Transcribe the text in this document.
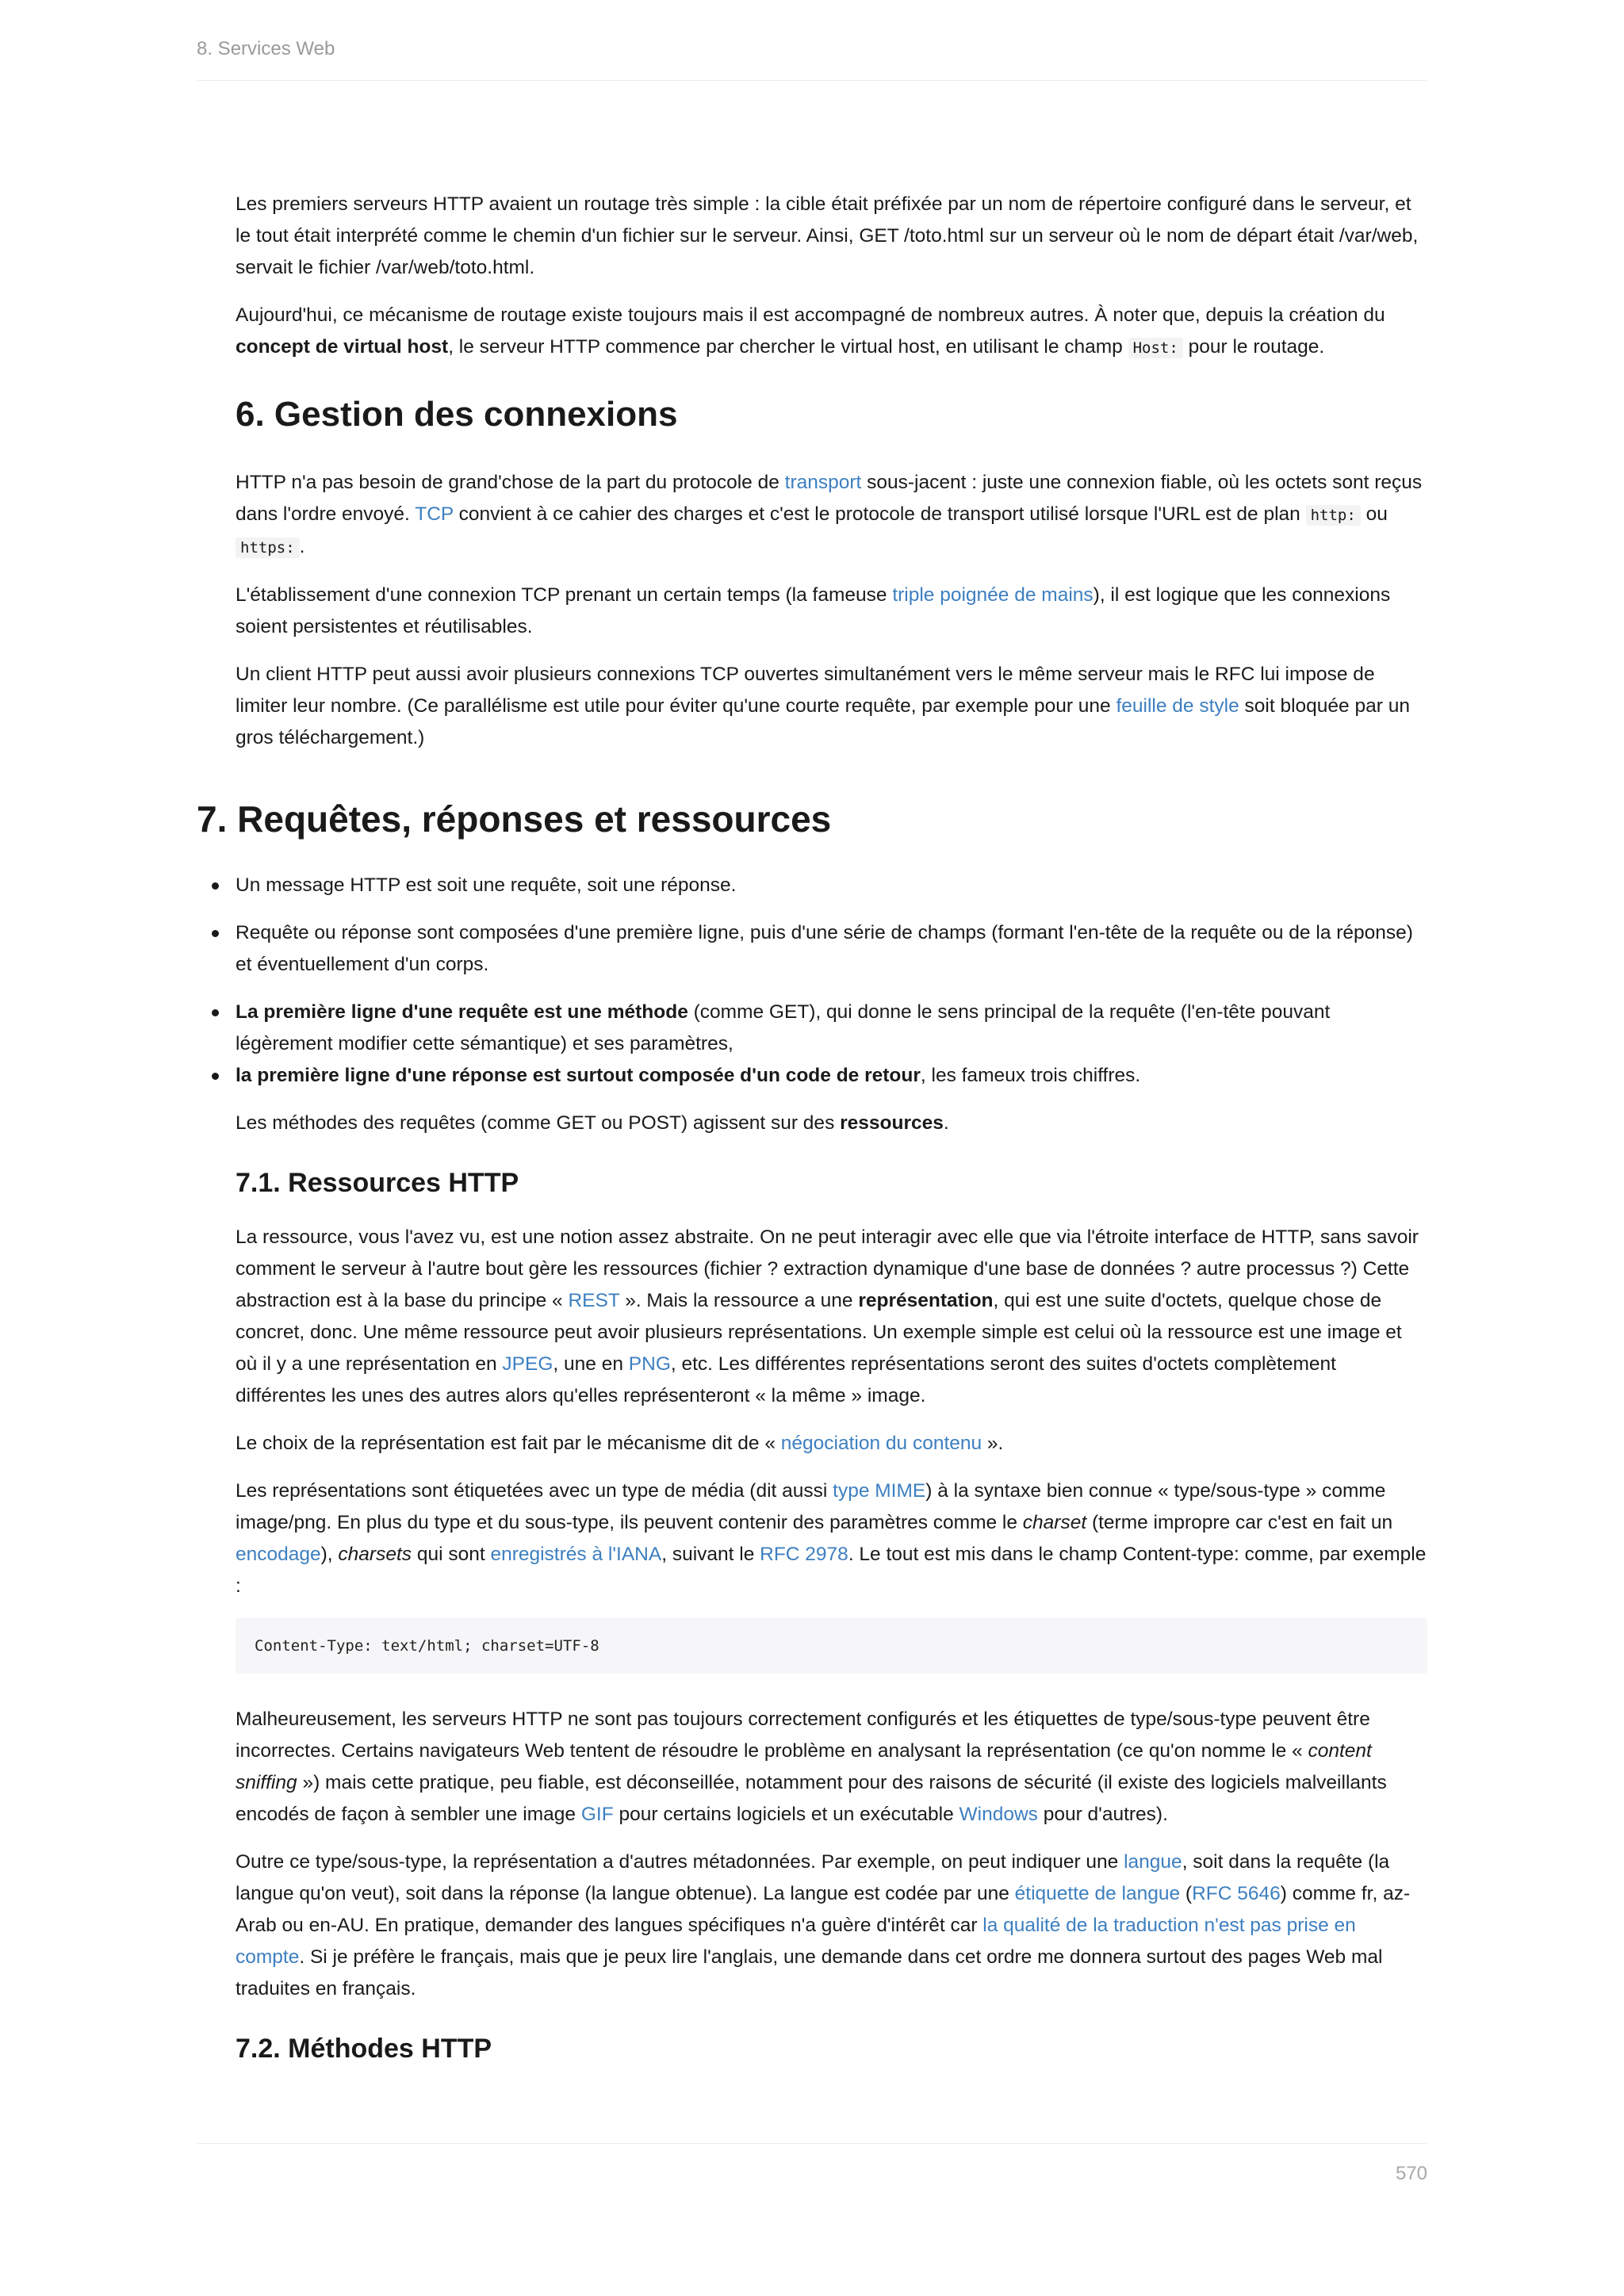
8. Services Web

Les premiers serveurs HTTP avaient un routage très simple : la cible était préfixée par un nom de répertoire configuré dans le serveur, et le tout était interprété comme le chemin d'un fichier sur le serveur. Ainsi, GET /toto.html sur un serveur où le nom de départ était /var/web, servait le fichier /var/web/toto.html.

Aujourd'hui, ce mécanisme de routage existe toujours mais il est accompagné de nombreux autres. À noter que, depuis la création du concept de virtual host, le serveur HTTP commence par chercher le virtual host, en utilisant le champ Host: pour le routage.

6. Gestion des connexions

HTTP n'a pas besoin de grand'chose de la part du protocole de transport sous-jacent : juste une connexion fiable, où les octets sont reçus dans l'ordre envoyé. TCP convient à ce cahier des charges et c'est le protocole de transport utilisé lorsque l'URL est de plan http: ou https: .

L'établissement d'une connexion TCP prenant un certain temps (la fameuse triple poignée de mains), il est logique que les connexions soient persistentes et réutilisables.

Un client HTTP peut aussi avoir plusieurs connexions TCP ouvertes simultanément vers le même serveur mais le RFC lui impose de limiter leur nombre. (Ce parallélisme est utile pour éviter qu'une courte requête, par exemple pour une feuille de style soit bloquée par un gros téléchargement.)

7. Requêtes, réponses et ressources
Un message HTTP est soit une requête, soit une réponse.
Requête ou réponse sont composées d'une première ligne, puis d'une série de champs (formant l'en-tête de la requête ou de la réponse) et éventuellement d'un corps.
La première ligne d'une requête est une méthode (comme GET), qui donne le sens principal de la requête (l'en-tête pouvant légèrement modifier cette sémantique) et ses paramètres,
la première ligne d'une réponse est surtout composée d'un code de retour, les fameux trois chiffres.

Les méthodes des requêtes (comme GET ou POST) agissent sur des ressources.

7.1. Ressources HTTP

La ressource, vous l'avez vu, est une notion assez abstraite. On ne peut interagir avec elle que via l'étroite interface de HTTP, sans savoir comment le serveur à l'autre bout gère les ressources (fichier ? extraction dynamique d'une base de données ? autre processus ?) Cette abstraction est à la base du principe « REST ». Mais la ressource a une représentation, qui est une suite d'octets, quelque chose de concret, donc. Une même ressource peut avoir plusieurs représentations. Un exemple simple est celui où la ressource est une image et où il y a une représentation en JPEG, une en PNG, etc. Les différentes représentations seront des suites d'octets complètement différentes les unes des autres alors qu'elles représenteront « la même » image.

Le choix de la représentation est fait par le mécanisme dit de « négociation du contenu ».

Les représentations sont étiquetées avec un type de média (dit aussi type MIME) à la syntaxe bien connue « type/sous-type » comme image/png. En plus du type et du sous-type, ils peuvent contenir des paramètres comme le charset (terme impropre car c'est en fait un encodage), charsets qui sont enregistrés à l'IANA, suivant le RFC 2978. Le tout est mis dans le champ Content-type: comme, par exemple :

Content-Type: text/html; charset=UTF-8

Malheureusement, les serveurs HTTP ne sont pas toujours correctement configurés et les étiquettes de type/sous-type peuvent être incorrectes. Certains navigateurs Web tentent de résoudre le problème en analysant la représentation (ce qu'on nomme le « content sniffing ») mais cette pratique, peu fiable, est déconseillée, notamment pour des raisons de sécurité (il existe des logiciels malveillants encodés de façon à sembler une image GIF pour certains logiciels et un exécutable Windows pour d'autres).

Outre ce type/sous-type, la représentation a d'autres métadonnées. Par exemple, on peut indiquer une langue, soit dans la requête (la langue qu'on veut), soit dans la réponse (la langue obtenue). La langue est codée par une étiquette de langue (RFC 5646) comme fr, az-Arab ou en-AU. En pratique, demander des langues spécifiques n'a guère d'intérêt car la qualité de la traduction n'est pas prise en compte. Si je préfère le français, mais que je peux lire l'anglais, une demande dans cet ordre me donnera surtout des pages Web mal traduites en français.

7.2. Méthodes HTTP
570
